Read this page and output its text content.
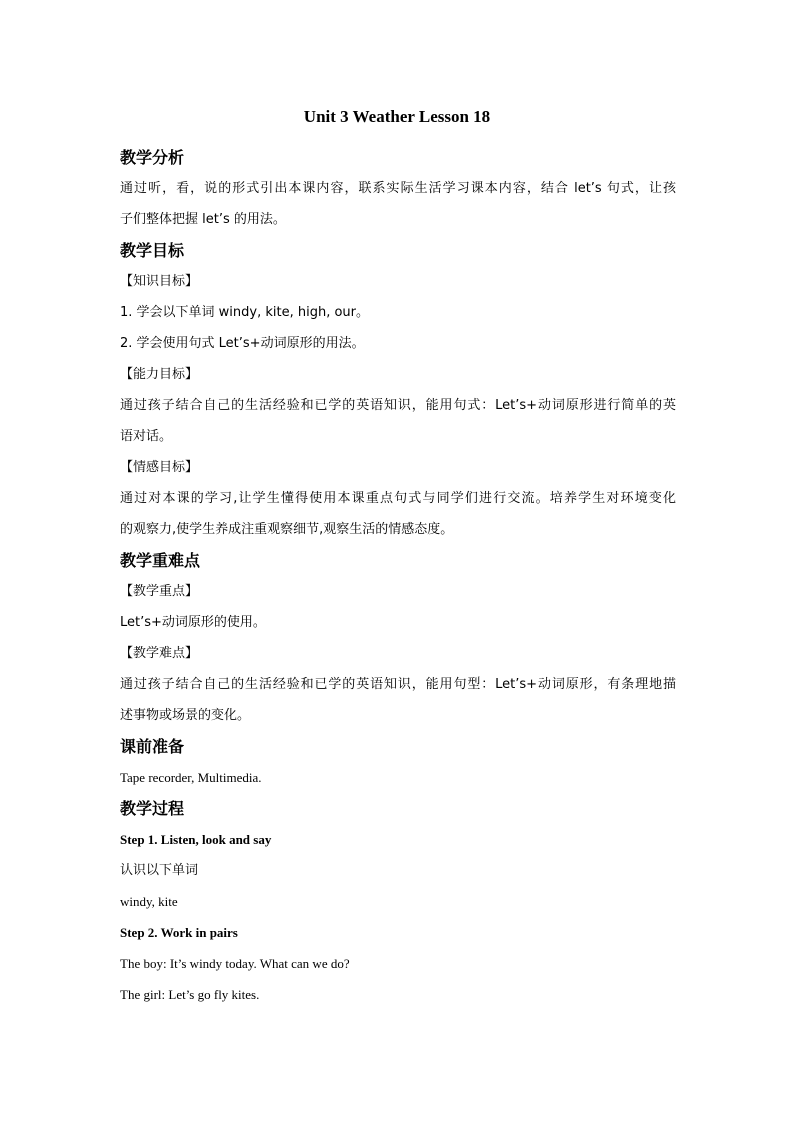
Unit 3 Weather Lesson 18
教学分析
通过听，看，说的形式引出本课内容，联系实际生活学习课本内容，结合 let’s 句式，让孩
子们整体把握 let’s 的用法。
教学目标
【知识目标】
1. 学会以下单词 windy, kite, high, our。
2. 学会使用句式 Let’s+动词原形的用法。
【能力目标】
通过孩子结合自己的生活经验和已学的英语知识，能用句式：Let’s+动词原形进行简单的英
语对话。
【情感目标】
通过对本课的学习,让学生懂得使用本课重点句式与同学们进行交流。培养学生对环境变化
的观察力,使学生养成注重观察细节,观察生活的情感态度。
教学重难点
【教学重点】
Let’s+动词原形的使用。
【教学难点】
通过孩子结合自己的生活经验和已学的英语知识，能用句型：Let’s+动词原形，有条理地描
述事物或场景的变化。
课前准备
Tape recorder, Multimedia.
教学过程
Step 1. Listen, look and say
认识以下单词
windy, kite
Step 2. Work in pairs
The boy: It’s windy today. What can we do?
The girl: Let’s go fly kites.
